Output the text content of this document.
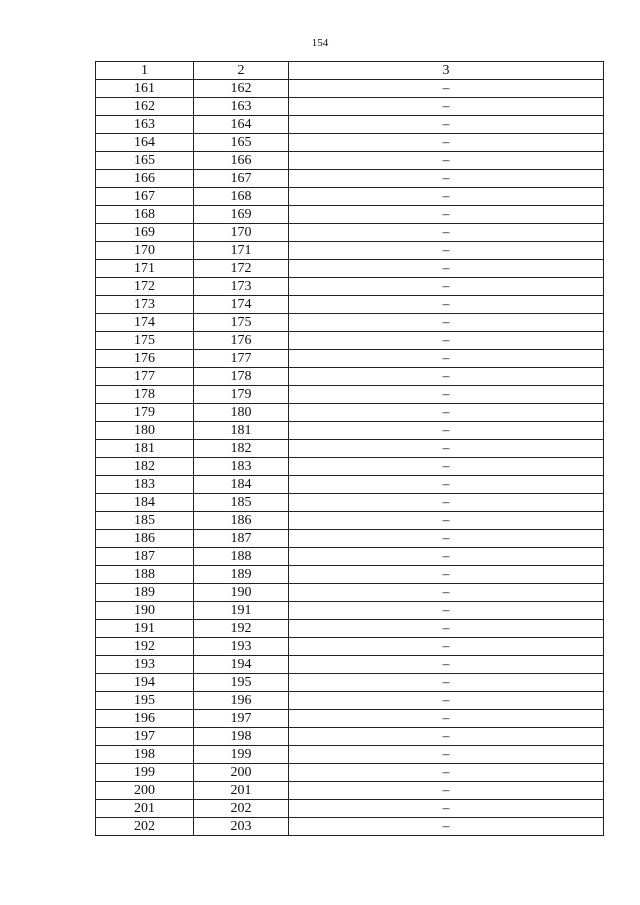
154
1	2	3
161	162	–
162	163	–
163	164	–
164	165	–
165	166	–
166	167	–
167	168	–
168	169	–
169	170	–
170	171	–
171	172	–
172	173	–
173	174	–
174	175	–
175	176	–
176	177	–
177	178	–
178	179	–
179	180	–
180	181	–
181	182	–
182	183	–
183	184	–
184	185	–
185	186	–
186	187	–
187	188	–
188	189	–
189	190	–
190	191	–
191	192	–
192	193	–
193	194	–
194	195	–
195	196	–
196	197	–
197	198	–
198	199	–
199	200	–
200	201	–
201	202	–
202	203	–
